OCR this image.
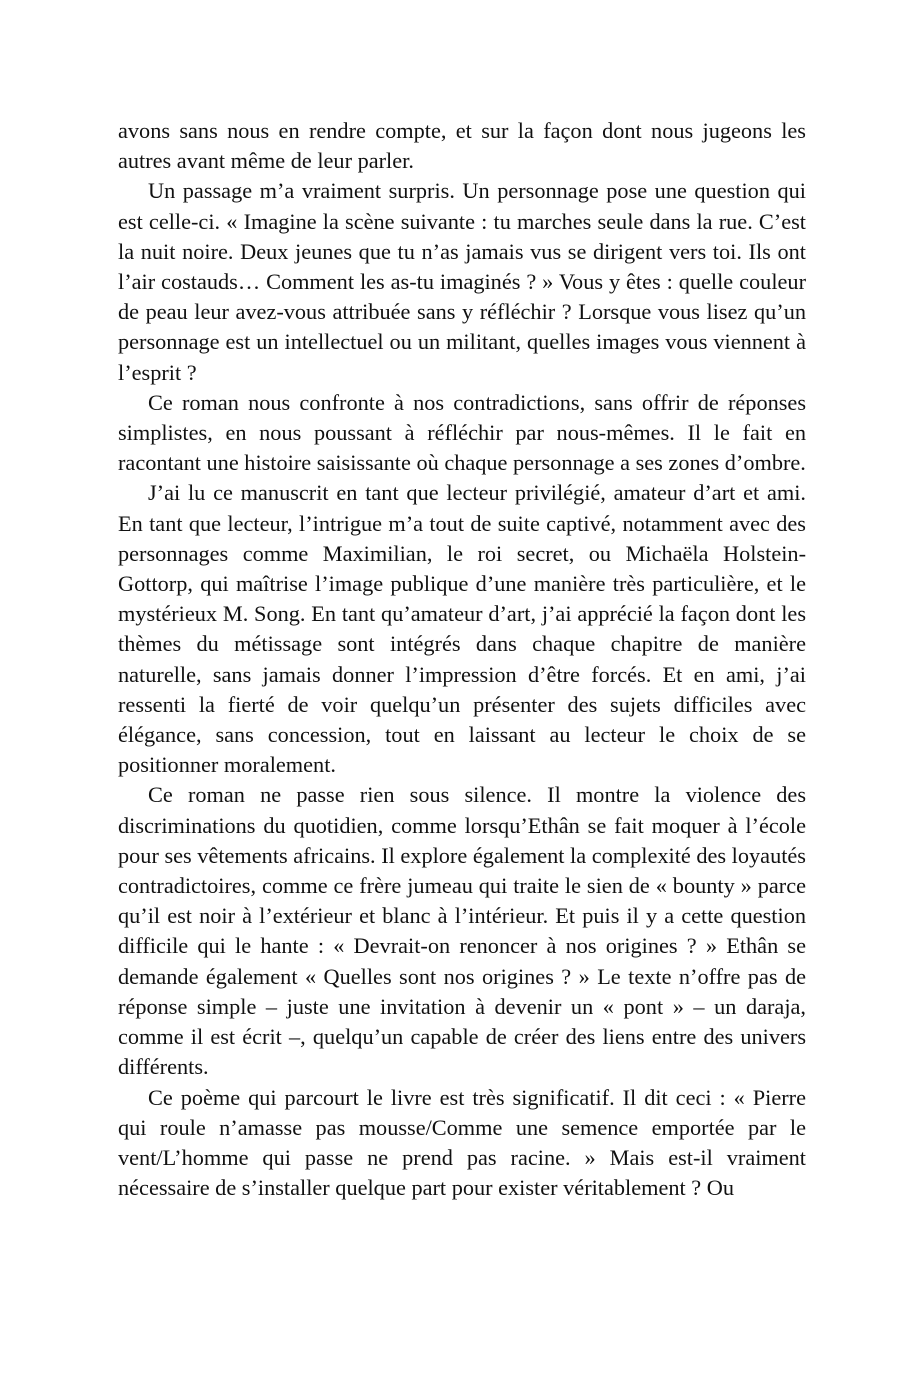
avons sans nous en rendre compte, et sur la façon dont nous jugeons les autres avant même de leur parler.

Un passage m’a vraiment surpris. Un personnage pose une question qui est celle-ci. « Imagine la scène suivante : tu marches seule dans la rue. C’est la nuit noire. Deux jeunes que tu n’as jamais vus se dirigent vers toi. Ils ont l’air costauds… Comment les as-tu imaginés ? » Vous y êtes : quelle couleur de peau leur avez-vous attribuée sans y réfléchir ? Lorsque vous lisez qu’un personnage est un intellectuel ou un militant, quelles images vous viennent à l’esprit ?

Ce roman nous confronte à nos contradictions, sans offrir de réponses simplistes, en nous poussant à réfléchir par nous-mêmes. Il le fait en racontant une histoire saisissante où chaque personnage a ses zones d’ombre.

J’ai lu ce manuscrit en tant que lecteur privilégié, amateur d’art et ami. En tant que lecteur, l’intrigue m’a tout de suite captivé, notamment avec des personnages comme Maximilian, le roi secret, ou Michaëla Holstein-Gottorp, qui maîtrise l’image publique d’une manière très particulière, et le mystérieux M. Song. En tant qu’amateur d’art, j’ai apprécié la façon dont les thèmes du métissage sont intégrés dans chaque chapitre de manière naturelle, sans jamais donner l’impression d’être forcés. Et en ami, j’ai ressenti la fierté de voir quelqu’un présenter des sujets difficiles avec élégance, sans concession, tout en laissant au lecteur le choix de se positionner moralement.

Ce roman ne passe rien sous silence. Il montre la violence des discriminations du quotidien, comme lorsqu’Ethân se fait moquer à l’école pour ses vêtements africains. Il explore également la complexité des loyautés contradictoires, comme ce frère jumeau qui traite le sien de « bounty » parce qu’il est noir à l’extérieur et blanc à l’intérieur. Et puis il y a cette question difficile qui le hante : « Devrait-on renoncer à nos origines ? » Ethân se demande également « Quelles sont nos origines ? » Le texte n’offre pas de réponse simple – juste une invitation à devenir un « pont » – un daraja, comme il est écrit –, quelqu’un capable de créer des liens entre des univers différents.

Ce poème qui parcourt le livre est très significatif. Il dit ceci : « Pierre qui roule n’amasse pas mousse/Comme une semence emportée par le vent/L’homme qui passe ne prend pas racine. » Mais est-il vraiment nécessaire de s’installer quelque part pour exister véritablement ? Ou
